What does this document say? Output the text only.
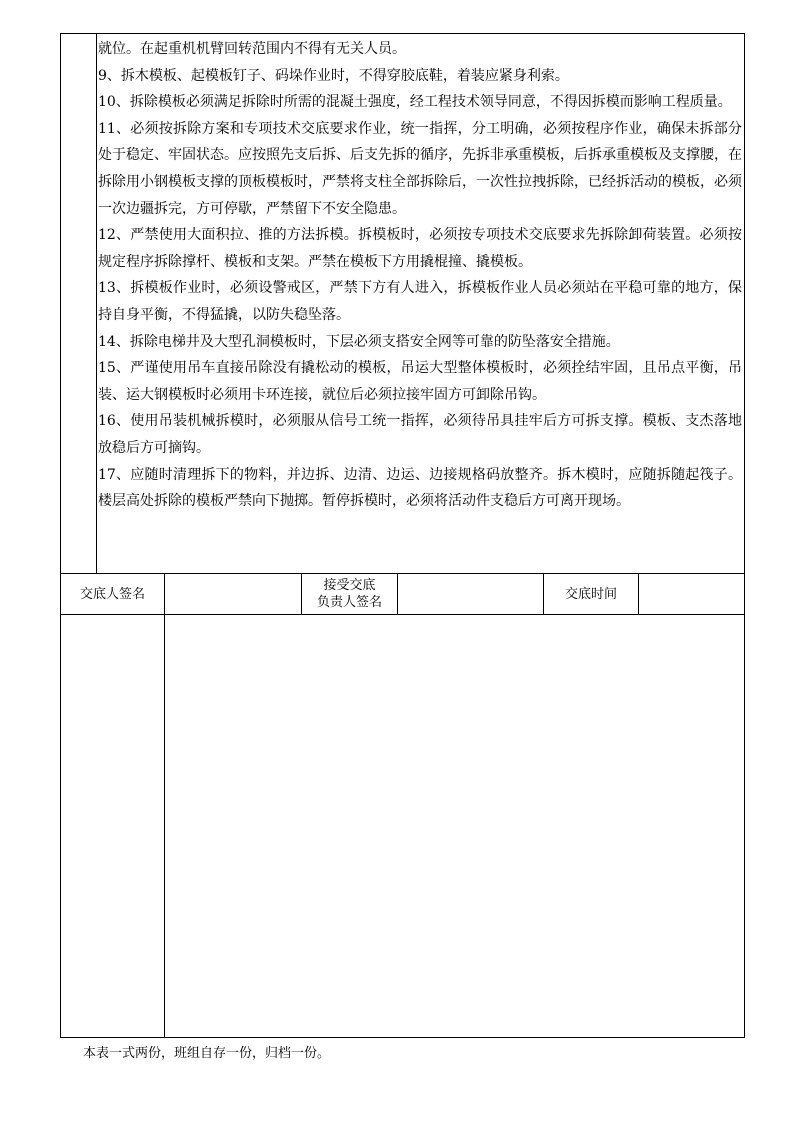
就位。在起重机机臂回转范围内不得有无关人员。

9、拆木模板、起模板钉子、码垛作业时，不得穿胶底鞋，着装应紧身利索。

10、拆除模板必须满足拆除时所需的混凝土强度，经工程技术领导同意，不得因拆模而影响工程质量。

11、必须按拆除方案和专项技术交底要求作业，统一指挥，分工明确，必须按程序作业，确保未拆部分处于稳定、牢固状态。应按照先支后拆、后支先拆的循序，先拆非承重模板，后拆承重模板及支撑腰，在拆除用小钢模板支撑的顶板模板时，严禁将支柱全部拆除后，一次性拉拽拆除，已经拆活动的模板，必须一次边疆拆完，方可停歇，严禁留下不安全隐患。

12、严禁使用大面积拉、推的方法拆模。拆模板时，必须按专项技术交底要求先拆除卸荷装置。必须按规定程序拆除撑杆、模板和支架。严禁在模板下方用撬棍撞、撬模板。

13、拆模板作业时，必须设警戒区，严禁下方有人进入，拆模板作业人员必须站在平稳可靠的地方，保持自身平衡，不得猛撬，以防失稳坠落。

14、拆除电梯井及大型孔洞模板时，下层必须支搭安全网等可靠的防坠落安全措施。

15、严谨使用吊车直接吊除没有撬松动的模板，吊运大型整体模板时，必须拴结牢固，且吊点平衡，吊装、运大钢模板时必须用卡环连接，就位后必须拉接牢固方可卸除吊钩。

16、使用吊装机械拆模时，必须服从信号工统一指挥，必须待吊具挂牢后方可拆支撑。模板、支杰落地放稳后方可摘钩。

17、应随时清理拆下的物料，并边拆、边清、边运、边接规格码放整齐。拆木模时，应随拆随起筏子。楼层高处拆除的模板严禁向下抛掷。暂停拆模时，必须将活动件支稳后方可离开现场。

交底人签名
接受交底
负责人签名
交底时间
本表一式两份，班组自存一份，归档一份。
